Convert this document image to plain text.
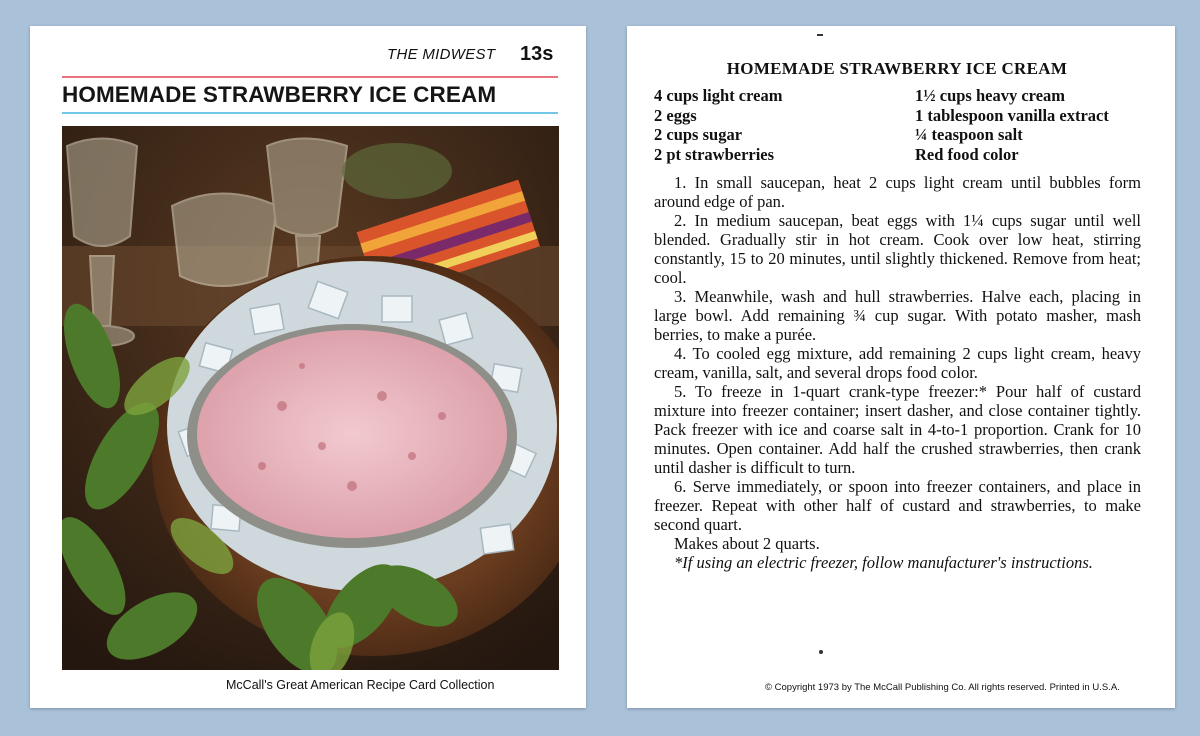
THE MIDWEST 13s
HOMEMADE STRAWBERRY ICE CREAM
McCall's Great American Recipe Card Collection
HOMEMADE STRAWBERRY ICE CREAM
4 cups light cream
2 eggs
2 cups sugar
2 pt strawberries
1½ cups heavy cream
1 tablespoon vanilla extract
¼ teaspoon salt
Red food color

1. In small saucepan, heat 2 cups light cream until bubbles form around edge of pan.

2. In medium saucepan, beat eggs with 1¼ cups sugar until well blended. Gradually stir in hot cream. Cook over low heat, stirring constantly, 15 to 20 minutes, until slightly thickened. Remove from heat; cool.

3. Meanwhile, wash and hull strawberries. Halve each, placing in large bowl. Add remaining ¾ cup sugar. With potato masher, mash berries, to make a purée.

4. To cooled egg mixture, add remaining 2 cups light cream, heavy cream, vanilla, salt, and several drops food color.

5. To freeze in 1-quart crank-type freezer:* Pour half of custard mixture into freezer container; insert dasher, and close container tightly. Pack freezer with ice and coarse salt in 4-to-1 proportion. Crank for 10 minutes. Open container. Add half the crushed strawberries, then crank until dasher is difficult to turn.

6. Serve immediately, or spoon into freezer containers, and place in freezer. Repeat with other half of custard and strawberries, to make second quart.

Makes about 2 quarts.

*If using an electric freezer, follow manufacturer's instructions.

© Copyright 1973 by The McCall Publishing Co. All rights reserved. Printed in U.S.A.
